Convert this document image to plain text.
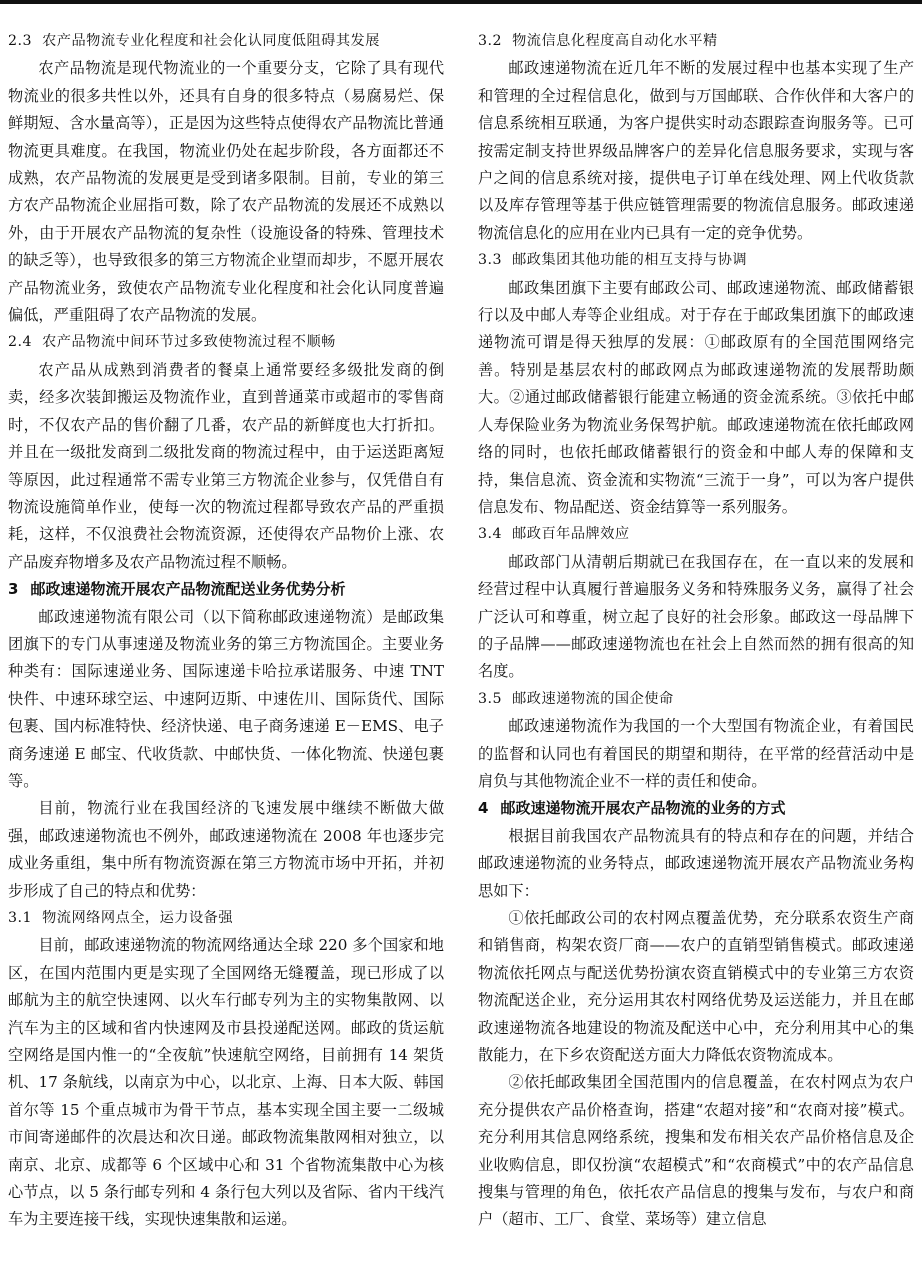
2.3 农产品物流专业化程度和社会化认同度低阻碍其发展

农产品物流是现代物流业的一个重要分支，它除了具有现代物流业的很多共性以外，还具有自身的很多特点（易腐易烂、保鲜期短、含水量高等），正是因为这些特点使得农产品物流比普通物流更具难度。在我国，物流业仍处在起步阶段，各方面都还不成熟，农产品物流的发展更是受到诸多限制。目前，专业的第三方农产品物流企业屈指可数，除了农产品物流的发展还不成熟以外，由于开展农产品物流的复杂性（设施设备的特殊、管理技术的缺乏等），也导致很多的第三方物流企业望而却步，不愿开展农产品物流业务，致使农产品物流专业化程度和社会化认同度普遍偏低，严重阻碍了农产品物流的发展。

2.4 农产品物流中间环节过多致使物流过程不顺畅

农产品从成熟到消费者的餐桌上通常要经多级批发商的倒卖，经多次装卸搬运及物流作业，直到普通菜市或超市的零售商时，不仅农产品的售价翻了几番，农产品的新鲜度也大打折扣。并且在一级批发商到二级批发商的物流过程中，由于运送距离短等原因，此过程通常不需专业第三方物流企业参与，仅凭借自有物流设施简单作业，使每一次的物流过程都导致农产品的严重损耗，这样，不仅浪费社会物流资源，还使得农产品物价上涨、农产品废弃物增多及农产品物流过程不顺畅。

3 邮政速递物流开展农产品物流配送业务优势分析

邮政速递物流有限公司（以下简称邮政速递物流）是邮政集团旗下的专门从事速递及物流业务的第三方物流国企。主要业务种类有：国际速递业务、国际速递卡哈拉承诺服务、中速 TNT 快件、中速环球空运、中速阿迈斯、中速佐川、国际货代、国际包裹、国内标准特快、经济快递、电子商务速递 E－EMS、电子商务速递 E 邮宝、代收货款、中邮快货、一体化物流、快递包裹等。

目前，物流行业在我国经济的飞速发展中继续不断做大做强，邮政速递物流也不例外，邮政速递物流在 2008 年也逐步完成业务重组，集中所有物流资源在第三方物流市场中开拓，并初步形成了自己的特点和优势：

3.1 物流网络网点全，运力设备强

目前，邮政速递物流的物流网络通达全球 220 多个国家和地区，在国内范围内更是实现了全国网络无缝覆盖，现已形成了以邮航为主的航空快速网、以火车行邮专列为主的实物集散网、以汽车为主的区域和省内快速网及市县投递配送网。邮政的货运航空网络是国内惟一的“全夜航”快速航空网络，目前拥有 14 架货机、17 条航线，以南京为中心，以北京、上海、日本大阪、韩国首尔等 15 个重点城市为骨干节点，基本实现全国主要一二级城市间寄递邮件的次晨达和次日递。邮政物流集散网相对独立，以南京、北京、成都等 6 个区域中心和 31 个省物流集散中心为核心节点，以 5 条行邮专列和 4 条行包大列以及省际、省内干线汽车为主要连接干线，实现快速集散和运递。

3.2 物流信息化程度高自动化水平精

邮政速递物流在近几年不断的发展过程中也基本实现了生产和管理的全过程信息化，做到与万国邮联、合作伙伴和大客户的信息系统相互联通，为客户提供实时动态跟踪查询服务等。已可按需定制支持世界级品牌客户的差异化信息服务要求，实现与客户之间的信息系统对接，提供电子订单在线处理、网上代收货款以及库存管理等基于供应链管理需要的物流信息服务。邮政速递物流信息化的应用在业内已具有一定的竞争优势。

3.3 邮政集团其他功能的相互支持与协调

邮政集团旗下主要有邮政公司、邮政速递物流、邮政储蓄银行以及中邮人寿等企业组成。对于存在于邮政集团旗下的邮政速递物流可谓是得天独厚的发展：①邮政原有的全国范围网络完善。特别是基层农村的邮政网点为邮政速递物流的发展帮助颇大。②通过邮政储蓄银行能建立畅通的资金流系统。③依托中邮人寿保险业务为物流业务保驾护航。邮政速递物流在依托邮政网络的同时，也依托邮政储蓄银行的资金和中邮人寿的保障和支持，集信息流、资金流和实物流“三流于一身”，可以为客户提供信息发布、物品配送、资金结算等一系列服务。

3.4 邮政百年品牌效应

邮政部门从清朝后期就已在我国存在，在一直以来的发展和经营过程中认真履行普遍服务义务和特殊服务义务，赢得了社会广泛认可和尊重，树立起了良好的社会形象。邮政这一母品牌下的子品牌——邮政速递物流也在社会上自然而然的拥有很高的知名度。

3.5 邮政速递物流的国企使命

邮政速递物流作为我国的一个大型国有物流企业，有着国民的监督和认同也有着国民的期望和期待，在平常的经营活动中是肩负与其他物流企业不一样的责任和使命。

4 邮政速递物流开展农产品物流的业务的方式

根据目前我国农产品物流具有的特点和存在的问题，并结合邮政速递物流的业务特点，邮政速递物流开展农产品物流业务构思如下：

①依托邮政公司的农村网点覆盖优势，充分联系农资生产商和销售商，构架农资厂商——农户的直销型销售模式。邮政速递物流依托网点与配送优势扮演农资直销模式中的专业第三方农资物流配送企业，充分运用其农村网络优势及运送能力，并且在邮政速递物流各地建设的物流及配送中心中，充分利用其中心的集散能力，在下乡农资配送方面大力降低农资物流成本。

②依托邮政集团全国范围内的信息覆盖，在农村网点为农户充分提供农产品价格查询，搭建“农超对接”和“农商对接”模式。充分利用其信息网络系统，搜集和发布相关农产品价格信息及企业收购信息，即仅扮演“农超模式”和“农商模式”中的农产品信息搜集与管理的角色，依托农产品信息的搜集与发布，与农户和商户（超市、工厂、食堂、菜场等）建立信息
